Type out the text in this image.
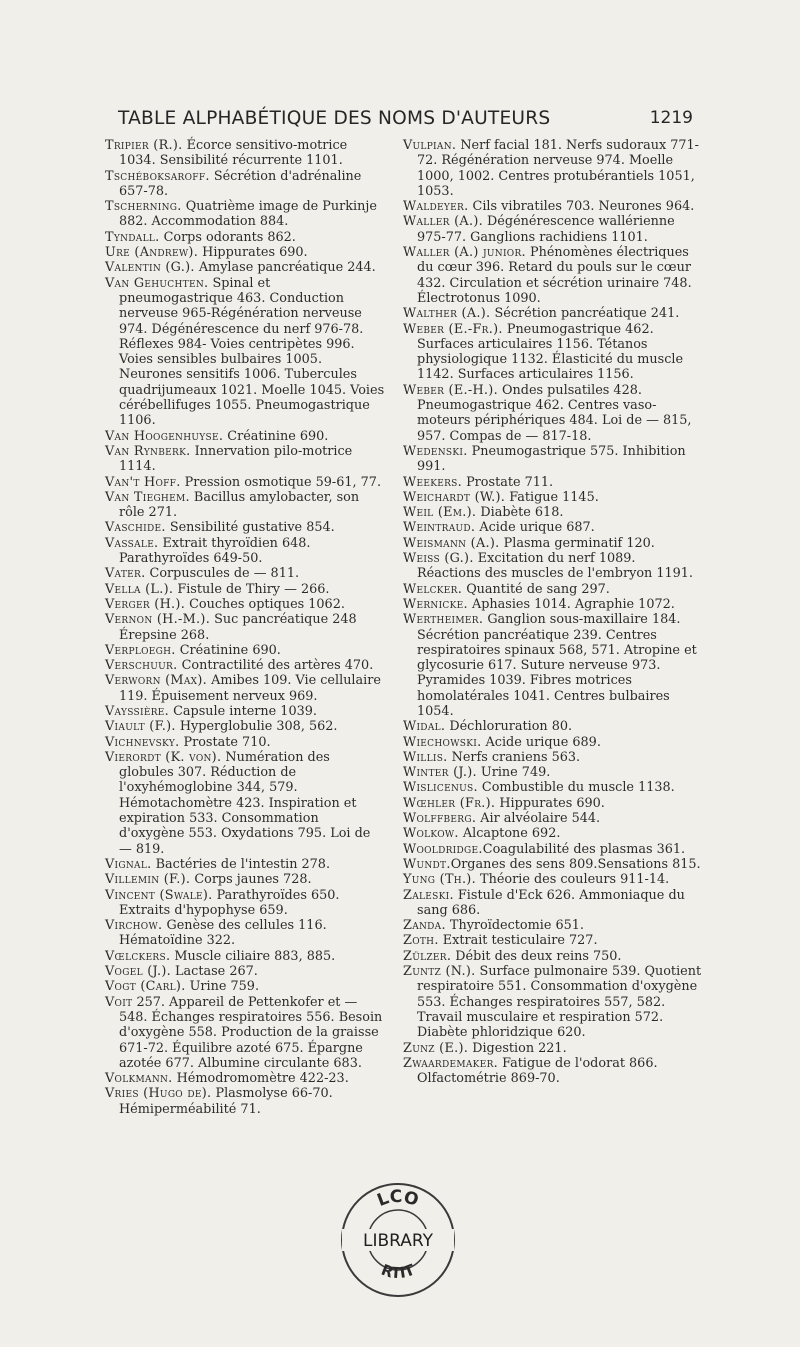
TABLE ALPHABÉTIQUE DES NOMS D'AUTEURS	1219

Tripier (R.). Écorce sensitivo-motrice 1034. Sensibilité récurrente 1101.

Tschéboksaroff. Sécrétion d'adrénaline 657-78.

Tscherning. Quatrième image de Purkinje 882. Accommodation 884.

Tyndall. Corps odorants 862.

Ure (Andrew). Hippurates 690.

Valentin (G.). Amylase pancréatique 244.

Van Gehuchten. Spinal et pneumogastrique 463. Conduction nerveuse 965-Régénération nerveuse 974. Dégénérescence du nerf 976-78. Réflexes 984- Voies centripètes 996. Voies sensibles bulbaires 1005. Neurones sensitifs 1006. Tubercules quadrijumeaux 1021. Moelle 1045. Voies cérébellifuges 1055. Pneumogastrique 1106.

Van Hoogenhuyse. Créatinine 690.

Van Rynberk. Innervation pilo-motrice 1114.

Van't Hoff. Pression osmotique 59-61, 77.

Van Tieghem. Bacillus amylobacter, son rôle 271.

Vaschide. Sensibilité gustative 854.

Vassale. Extrait thyroïdien 648. Parathyroïdes 649-50.

Vater. Corpuscules de — 811.

Vella (L.). Fistule de Thiry — 266.

Verger (H.). Couches optiques 1062.

Vernon (H.-M.). Suc pancréatique 248 Érepsine 268.

Verploegh. Créatinine 690.

Verschuur. Contractilité des artères 470.

Verworn (Max). Amibes 109. Vie cellulaire 119. Épuisement nerveux 969.

Vayssière. Capsule interne 1039.

Viault (F.). Hyperglobulie 308, 562.

Vichnevsky. Prostate 710.

Vierordt (K. von). Numération des globules 307. Réduction de l'oxyhémoglobine 344, 579. Hémotachomètre 423. Inspiration et expiration 533. Consommation d'oxygène 553. Oxydations 795. Loi de — 819.

Vignal. Bactéries de l'intestin 278.

Villemin (F.). Corps jaunes 728.

Vincent (Swale). Parathyroïdes 650. Extraits d'hypophyse 659.

Virchow. Genèse des cellules 116. Hématoïdine 322.

Vœlckers. Muscle ciliaire 883, 885.

Vogel (J.). Lactase 267.

Vogt (Carl). Urine 759.

Voit 257. Appareil de Pettenkofer et — 548. Échanges respiratoires 556. Besoin d'oxygène 558. Production de la graisse 671-72. Équilibre azoté 675. Épargne azotée 677. Albumine circulante 683.

Volkmann. Hémodromomètre 422-23.

Vries (Hugo de). Plasmolyse 66-70. Hémiperméabilité 71.

Vulpian. Nerf facial 181. Nerfs sudoraux 771-72. Régénération nerveuse 974. Moelle 1000, 1002. Centres protubérantiels 1051, 1053.

Waldeyer. Cils vibratiles 703. Neurones 964.

Waller (A.). Dégénérescence wallérienne 975-77. Ganglions rachidiens 1101.

Waller (A.) junior. Phénomènes électriques du cœur 396. Retard du pouls sur le cœur 432. Circulation et sécrétion urinaire 748. Électrotonus 1090.

Walther (A.). Sécrétion pancréatique 241.

Weber (E.-Fr.). Pneumogastrique 462. Surfaces articulaires 1156. Tétanos physiologique 1132. Élasticité du muscle 1142. Surfaces articulaires 1156.

Weber (E.-H.). Ondes pulsatiles 428. Pneumogastrique 462. Centres vaso-moteurs périphériques 484. Loi de — 815, 957. Compas de — 817-18.

Wedenski. Pneumogastrique 575. Inhibition 991.

Weekers. Prostate 711.

Weichardt (W.). Fatigue 1145.

Weil (Em.). Diabète 618.

Weintraud. Acide urique 687.

Weismann (A.). Plasma germinatif 120.

Weiss (G.). Excitation du nerf 1089. Réactions des muscles de l'embryon 1191.

Welcker. Quantité de sang 297.

Wernicke. Aphasies 1014. Agraphie 1072.

Wertheimer. Ganglion sous-maxillaire 184. Sécrétion pancréatique 239. Centres respiratoires spinaux 568, 571. Atropine et glycosurie 617. Suture nerveuse 973. Pyramides 1039. Fibres motrices homolatérales 1041. Centres bulbaires 1054.

Widal. Déchloruration 80.

Wiechowski. Acide urique 689.

Willis. Nerfs craniens 563.

Winter (J.). Urine 749.

Wislicenus. Combustible du muscle 1138.

Wœhler (Fr.). Hippurates 690.

Wolffberg. Air alvéolaire 544.

Wolkow. Alcaptone 692.

Wooldridge.Coagulabilité des plasmas 361.

Wundt.Organes des sens 809.Sensations 815.

Yung (Th.). Théorie des couleurs 911-14.

Zaleski. Fistule d'Eck 626. Ammoniaque du sang 686.

Zanda. Thyroïdectomie 651.

Zoth. Extrait testiculaire 727.

Zülzer. Débit des deux reins 750.

Zuntz (N.). Surface pulmonaire 539. Quotient respiratoire 551. Consommation d'oxygène 553. Échanges respiratoires 557, 582. Travail musculaire et respiration 572. Diabète phloridzique 620.

Zunz (E.). Digestion 221.

Zwaardemaker. Fatigue de l'odorat 866. Olfactométrie 869-70.

LCO
RTIT
LIBRARY
